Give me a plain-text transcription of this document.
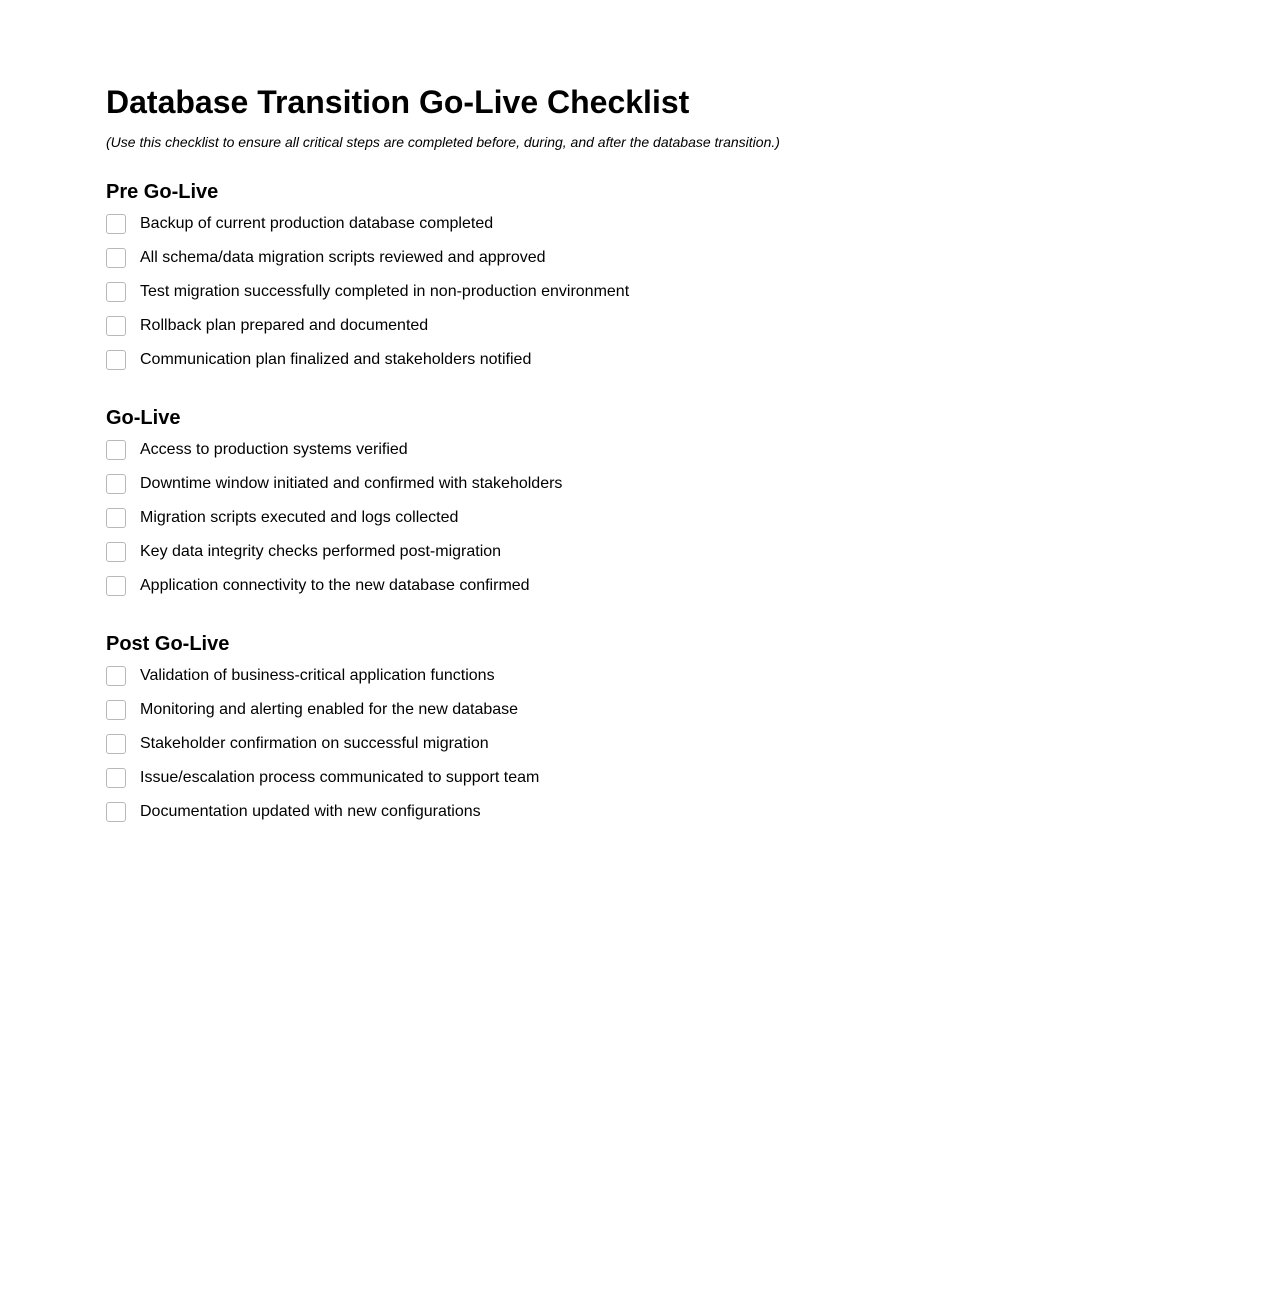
Database Transition Go-Live Checklist
(Use this checklist to ensure all critical steps are completed before, during, and after the database transition.)
Pre Go-Live
Backup of current production database completed
All schema/data migration scripts reviewed and approved
Test migration successfully completed in non-production environment
Rollback plan prepared and documented
Communication plan finalized and stakeholders notified
Go-Live
Access to production systems verified
Downtime window initiated and confirmed with stakeholders
Migration scripts executed and logs collected
Key data integrity checks performed post-migration
Application connectivity to the new database confirmed
Post Go-Live
Validation of business-critical application functions
Monitoring and alerting enabled for the new database
Stakeholder confirmation on successful migration
Issue/escalation process communicated to support team
Documentation updated with new configurations
